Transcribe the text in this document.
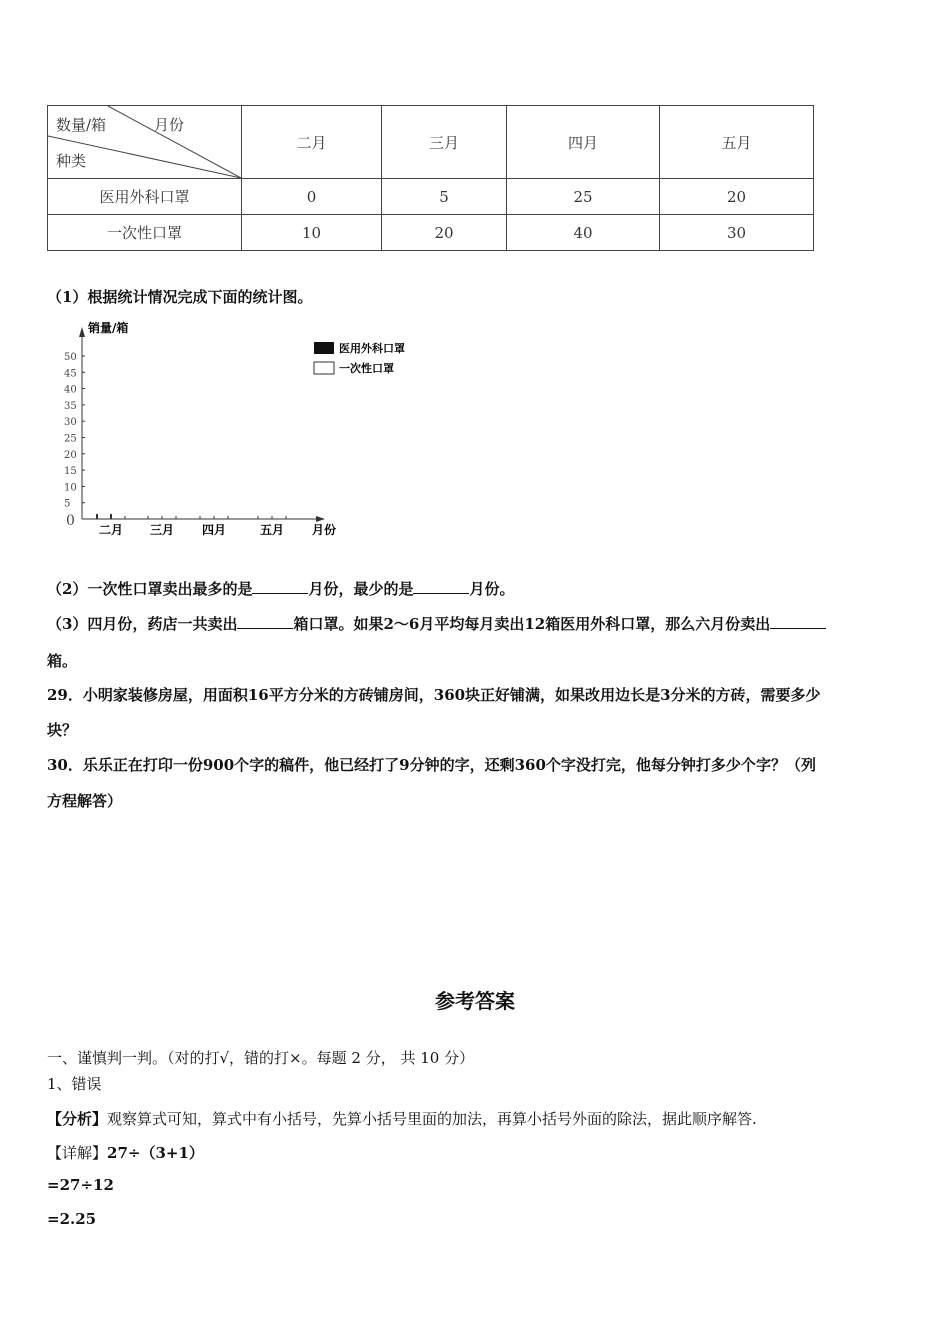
数量/箱 月份
种类	二月	三月	四月	五月
医用外科口罩	0	5	25	20
一次性口罩	10	20	40	30
（1）根据统计情况完成下面的统计图。
销量/箱
月份
0
5
10
15
20
25
30
35
40
45
50
二月 三月 四月	五月
医用外科口罩
一次性口罩
（2）一次性口罩卖出最多的是	月份，最少的是	月份。
（3）四月份，药店一共卖出	箱口罩。如果2～6月平均每月卖出12箱医用外科口罩，那么六月份卖出
箱。
29．小明家装修房屋，用面积16平方分米的方砖铺房间，360块正好铺满，如果改用边长是3分米的方砖，需要多少
块？
30．乐乐正在打印一份900个字的稿件，他已经打了9分钟的字，还剩360个字没打完，他每分钟打多少个字？（列
方程解答）
参考答案
一、谨慎判一判。（对的打√，错的打×。每题 2 分， 共 10 分）
1、错误
【分析】观察算式可知，算式中有小括号，先算小括号里面的加法，再算小括号外面的除法，据此顺序解答.
【详解】27÷（3+1）
=27÷12
=2.25
